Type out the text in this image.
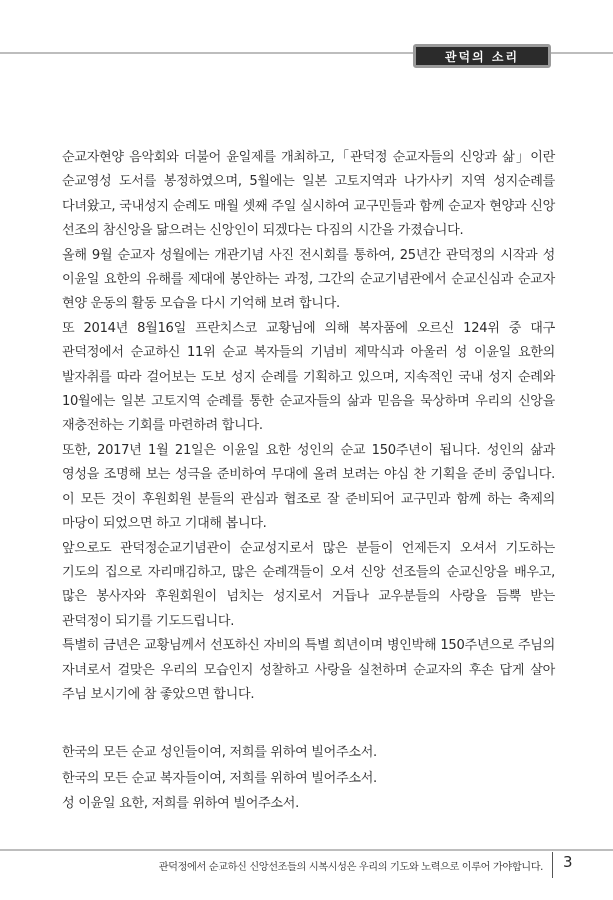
관덕의 소리

순교자현양 음악회와 더불어 윤일제를 개최하고,「관덕정 순교자들의 신앙과 삶」이란 순교영성 도서를 봉정하였으며, 5월에는 일본 고토지역과 나가사키 지역 성지순례를 다녀왔고, 국내성지 순례도 매월 셋째 주일 실시하여 교구민들과 함께 순교자 현양과 신앙 선조의 참신앙을 닮으려는 신앙인이 되겠다는 다짐의 시간을 가졌습니다.

올해 9월 순교자 성월에는 개관기념 사진 전시회를 통하여, 25년간 관덕정의 시작과 성 이윤일 요한의 유해를 제대에 봉안하는 과정, 그간의 순교기념관에서 순교신심과 순교자 현양 운동의 활동 모습을 다시 기억해 보려 합니다.

또 2014년 8월16일 프란치스코 교황님에 의해 복자품에 오르신 124위 중 대구 관덕정에서 순교하신 11위 순교 복자들의 기념비 제막식과 아울러 성 이윤일 요한의 발자취를 따라 걸어보는 도보 성지 순례를 기획하고 있으며, 지속적인 국내 성지 순례와 10월에는 일본 고토지역 순례를 통한 순교자들의 삶과 믿음을 묵상하며 우리의 신앙을 재충전하는 기회를 마련하려 합니다.

또한, 2017년 1월 21일은 이윤일 요한 성인의 순교 150주년이 됩니다. 성인의 삶과 영성을 조명해 보는 성극을 준비하여 무대에 올려 보려는 야심 찬 기획을 준비 중입니다. 이 모든 것이 후원회원 분들의 관심과 협조로 잘 준비되어 교구민과 함께 하는 축제의 마당이 되었으면 하고 기대해 봅니다.

앞으로도 관덕정순교기념관이 순교성지로서 많은 분들이 언제든지 오셔서 기도하는 기도의 집으로 자리매김하고, 많은 순례객들이 오셔 신앙 선조들의 순교신앙을 배우고, 많은 봉사자와 후원회원이 넘치는 성지로서 거듭나 교우분들의 사랑을 듬뿍 받는 관덕정이 되기를 기도드립니다.

특별히 금년은 교황님께서 선포하신 자비의 특별 희년이며 병인박해 150주년으로 주님의 자녀로서 걸맞은 우리의 모습인지 성찰하고 사랑을 실천하며 순교자의 후손 답게 살아 주님 보시기에 참 좋았으면 합니다.

한국의 모든 순교 성인들이여, 저희를 위하여 빌어주소서.

한국의 모든 순교 복자들이여, 저희를 위하여 빌어주소서.

성 이윤일 요한, 저희를 위하여 빌어주소서.

관덕정에서 순교하신 신앙선조들의 시복시성은 우리의 기도와 노력으로 이루어 가야합니다. 3
